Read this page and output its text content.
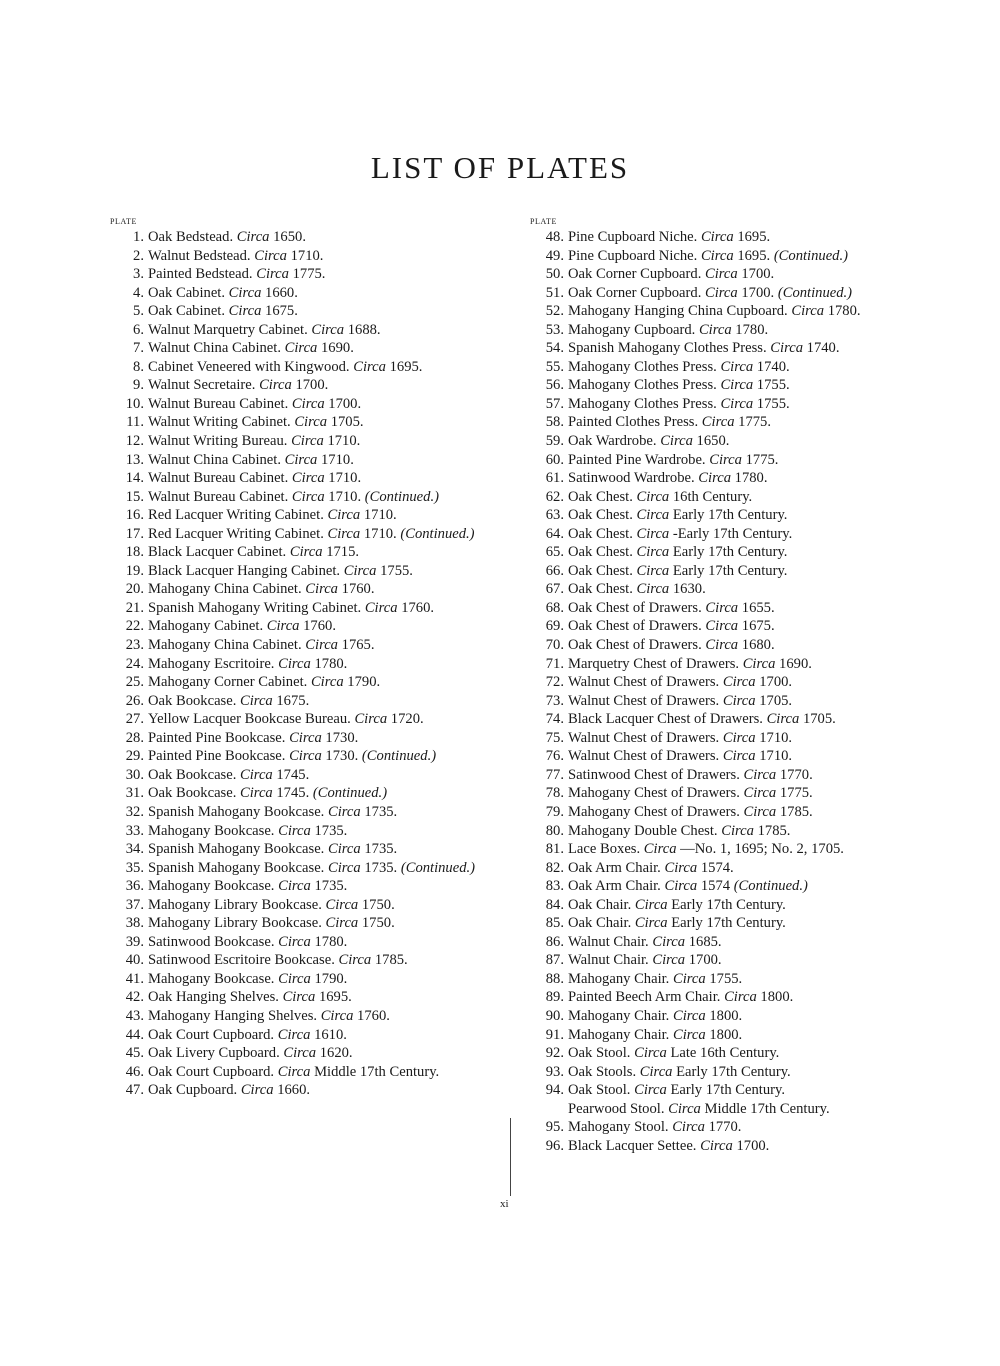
LIST OF PLATES
PLATE
1. Oak Bedstead. Circa 1650.
2. Walnut Bedstead. Circa 1710.
3. Painted Bedstead. Circa 1775.
4. Oak Cabinet. Circa 1660.
5. Oak Cabinet. Circa 1675.
6. Walnut Marquetry Cabinet. Circa 1688.
7. Walnut China Cabinet. Circa 1690.
8. Cabinet Veneered with Kingwood. Circa 1695.
9. Walnut Secretaire. Circa 1700.
10. Walnut Bureau Cabinet. Circa 1700.
11. Walnut Writing Cabinet. Circa 1705.
12. Walnut Writing Bureau. Circa 1710.
13. Walnut China Cabinet. Circa 1710.
14. Walnut Bureau Cabinet. Circa 1710.
15. Walnut Bureau Cabinet. Circa 1710. (Continued.)
16. Red Lacquer Writing Cabinet. Circa 1710.
17. Red Lacquer Writing Cabinet. Circa 1710. (Continued.)
18. Black Lacquer Cabinet. Circa 1715.
19. Black Lacquer Hanging Cabinet. Circa 1755.
20. Mahogany China Cabinet. Circa 1760.
21. Spanish Mahogany Writing Cabinet. Circa 1760.
22. Mahogany Cabinet. Circa 1760.
23. Mahogany China Cabinet. Circa 1765.
24. Mahogany Escritoire. Circa 1780.
25. Mahogany Corner Cabinet. Circa 1790.
26. Oak Bookcase. Circa 1675.
27. Yellow Lacquer Bookcase Bureau. Circa 1720.
28. Painted Pine Bookcase. Circa 1730.
29. Painted Pine Bookcase. Circa 1730. (Continued.)
30. Oak Bookcase. Circa 1745.
31. Oak Bookcase. Circa 1745. (Continued.)
32. Spanish Mahogany Bookcase. Circa 1735.
33. Mahogany Bookcase. Circa 1735.
34. Spanish Mahogany Bookcase. Circa 1735.
35. Spanish Mahogany Bookcase. Circa 1735. (Continued.)
36. Mahogany Bookcase. Circa 1735.
37. Mahogany Library Bookcase. Circa 1750.
38. Mahogany Library Bookcase. Circa 1750.
39. Satinwood Bookcase. Circa 1780.
40. Satinwood Escritoire Bookcase. Circa 1785.
41. Mahogany Bookcase. Circa 1790.
42. Oak Hanging Shelves. Circa 1695.
43. Mahogany Hanging Shelves. Circa 1760.
44. Oak Court Cupboard. Circa 1610.
45. Oak Livery Cupboard. Circa 1620.
46. Oak Court Cupboard. Circa Middle 17th Century.
47. Oak Cupboard. Circa 1660.
PLATE
48. Pine Cupboard Niche. Circa 1695.
49. Pine Cupboard Niche. Circa 1695. (Continued.)
50. Oak Corner Cupboard. Circa 1700.
51. Oak Corner Cupboard. Circa 1700. (Continued.)
52. Mahogany Hanging China Cupboard. Circa 1780.
53. Mahogany Cupboard. Circa 1780.
54. Spanish Mahogany Clothes Press. Circa 1740.
55. Mahogany Clothes Press. Circa 1740.
56. Mahogany Clothes Press. Circa 1755.
57. Mahogany Clothes Press. Circa 1755.
58. Painted Clothes Press. Circa 1775.
59. Oak Wardrobe. Circa 1650.
60. Painted Pine Wardrobe. Circa 1775.
61. Satinwood Wardrobe. Circa 1780.
62. Oak Chest. Circa 16th Century.
63. Oak Chest. Circa Early 17th Century.
64. Oak Chest. Circa -Early 17th Century.
65. Oak Chest. Circa Early 17th Century.
66. Oak Chest. Circa Early 17th Century.
67. Oak Chest. Circa 1630.
68. Oak Chest of Drawers. Circa 1655.
69. Oak Chest of Drawers. Circa 1675.
70. Oak Chest of Drawers. Circa 1680.
71. Marquetry Chest of Drawers. Circa 1690.
72. Walnut Chest of Drawers. Circa 1700.
73. Walnut Chest of Drawers. Circa 1705.
74. Black Lacquer Chest of Drawers. Circa 1705.
75. Walnut Chest of Drawers. Circa 1710.
76. Walnut Chest of Drawers. Circa 1710.
77. Satinwood Chest of Drawers. Circa 1770.
78. Mahogany Chest of Drawers. Circa 1775.
79. Mahogany Chest of Drawers. Circa 1785.
80. Mahogany Double Chest. Circa 1785.
81. Lace Boxes. Circa —No. 1, 1695; No. 2, 1705.
82. Oak Arm Chair. Circa 1574.
83. Oak Arm Chair. Circa 1574 (Continued.)
84. Oak Chair. Circa Early 17th Century.
85. Oak Chair. Circa Early 17th Century.
86. Walnut Chair. Circa 1685.
87. Walnut Chair. Circa 1700.
88. Mahogany Chair. Circa 1755.
89. Painted Beech Arm Chair. Circa 1800.
90. Mahogany Chair. Circa 1800.
91. Mahogany Chair. Circa 1800.
92. Oak Stool. Circa Late 16th Century.
93. Oak Stools. Circa Early 17th Century.
94. Oak Stool. Circa Early 17th Century.
Pearwood Stool. Circa Middle 17th Century.
95. Mahogany Stool. Circa 1770.
96. Black Lacquer Settee. Circa 1700.
xi
